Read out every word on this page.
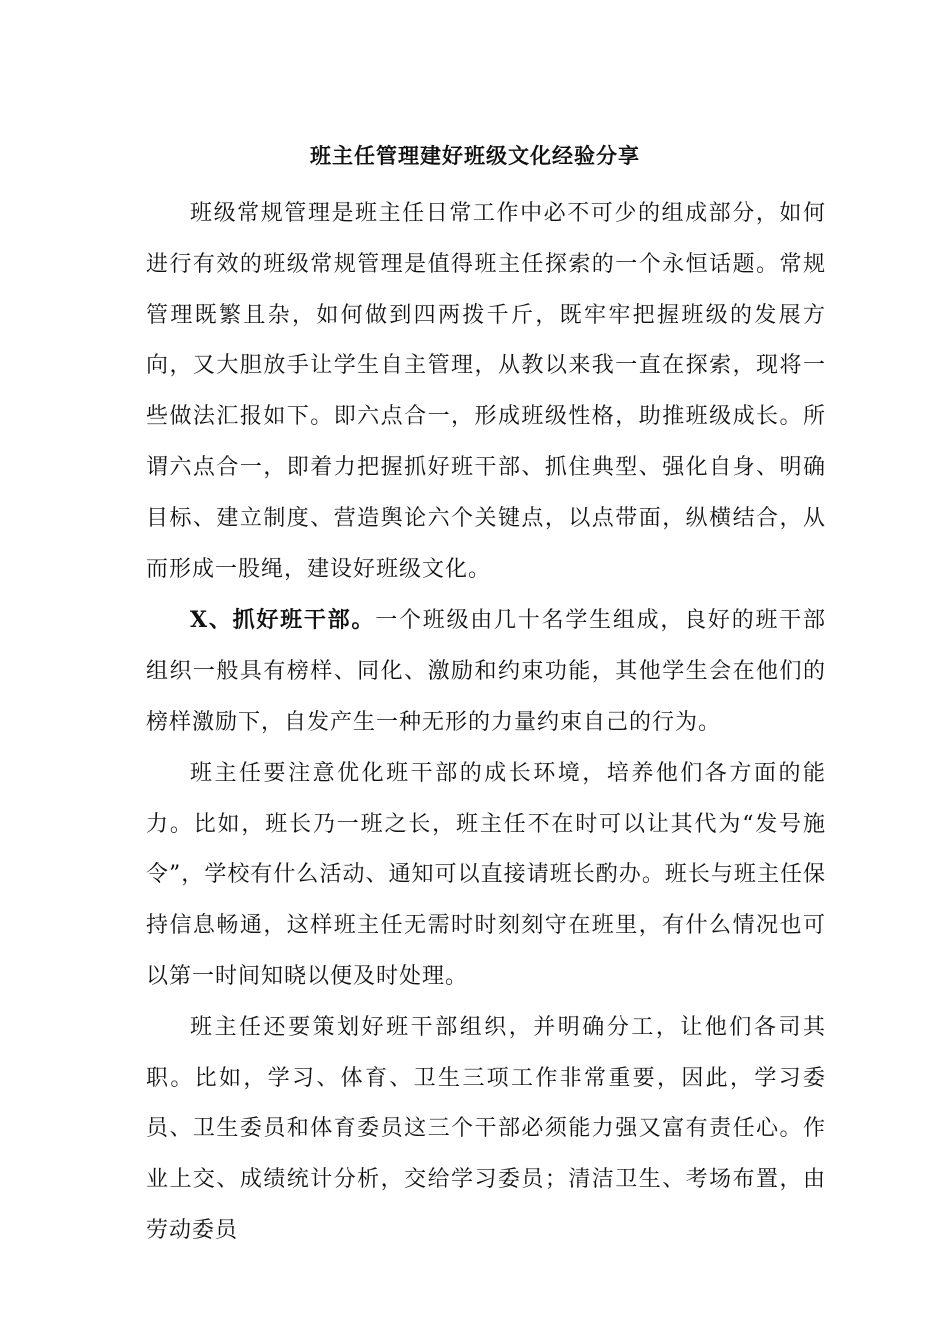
班主任管理建好班级文化经验分享

班级常规管理是班主任日常工作中必不可少的组成部分，如何进行有效的班级常规管理是值得班主任探索的一个永恒话题。常规管理既繁且杂，如何做到四两拨千斤，既牢牢把握班级的发展方向，又大胆放手让学生自主管理，从教以来我一直在探索，现将一些做法汇报如下。即六点合一，形成班级性格，助推班级成长。所谓六点合一，即着力把握抓好班干部、抓住典型、强化自身、明确目标、建立制度、营造舆论六个关键点，以点带面，纵横结合，从而形成一股绳，建设好班级文化。

X、抓好班干部。一个班级由几十名学生组成，良好的班干部组织一般具有榜样、同化、激励和约束功能，其他学生会在他们的榜样激励下，自发产生一种无形的力量约束自己的行为。

班主任要注意优化班干部的成长环境，培养他们各方面的能力。比如，班长乃一班之长，班主任不在时可以让其代为“发号施令”，学校有什么活动、通知可以直接请班长酌办。班长与班主任保持信息畅通，这样班主任无需时时刻刻守在班里，有什么情况也可以第一时间知晓以便及时处理。

班主任还要策划好班干部组织，并明确分工，让他们各司其职。比如，学习、体育、卫生三项工作非常重要，因此，学习委员、卫生委员和体育委员这三个干部必须能力强又富有责任心。作业上交、成绩统计分析，交给学习委员；清洁卫生、考场布置，由劳动委员
